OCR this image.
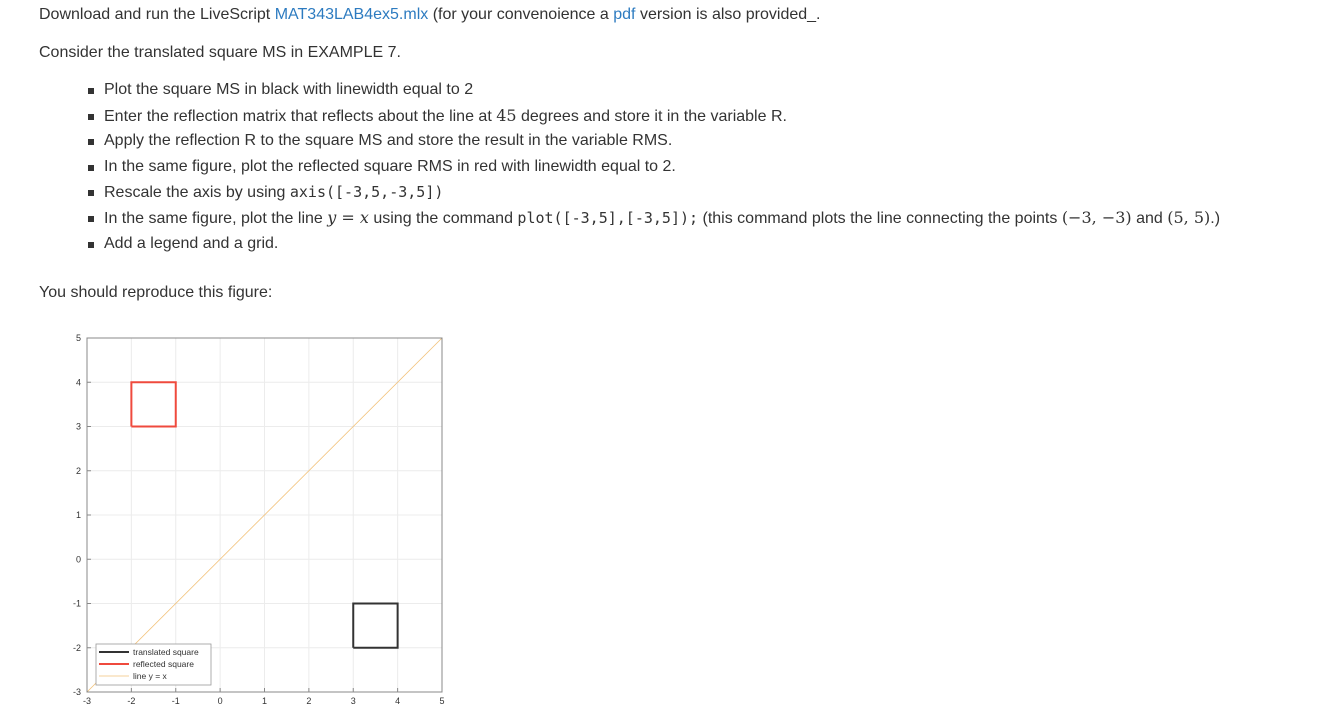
Download and run the LiveScript MAT343LAB4ex5.mlx (for your convenoience a pdf version is also provided_.
Consider the translated square MS in EXAMPLE 7.
Plot the square MS in black with linewidth equal to 2
Enter the reflection matrix that reflects about the line at 45 degrees and store it in the variable R.
Apply the reflection R to the square MS and store the result in the variable RMS.
In the same figure, plot the reflected square RMS in red with linewidth equal to 2.
Rescale the axis by using axis([-3,5,-3,5])
In the same figure, plot the line y = x using the command plot([-3,5],[-3,5]); (this command plots the line connecting the points (−3, −3) and (5, 5).)
Add a legend and a grid.
You should reproduce this figure:
-3	-2	-1	0	1	2	3	4	5
-3
-2
-1
0
1
2
3
4
5
translated square
reflected square
line y = x
